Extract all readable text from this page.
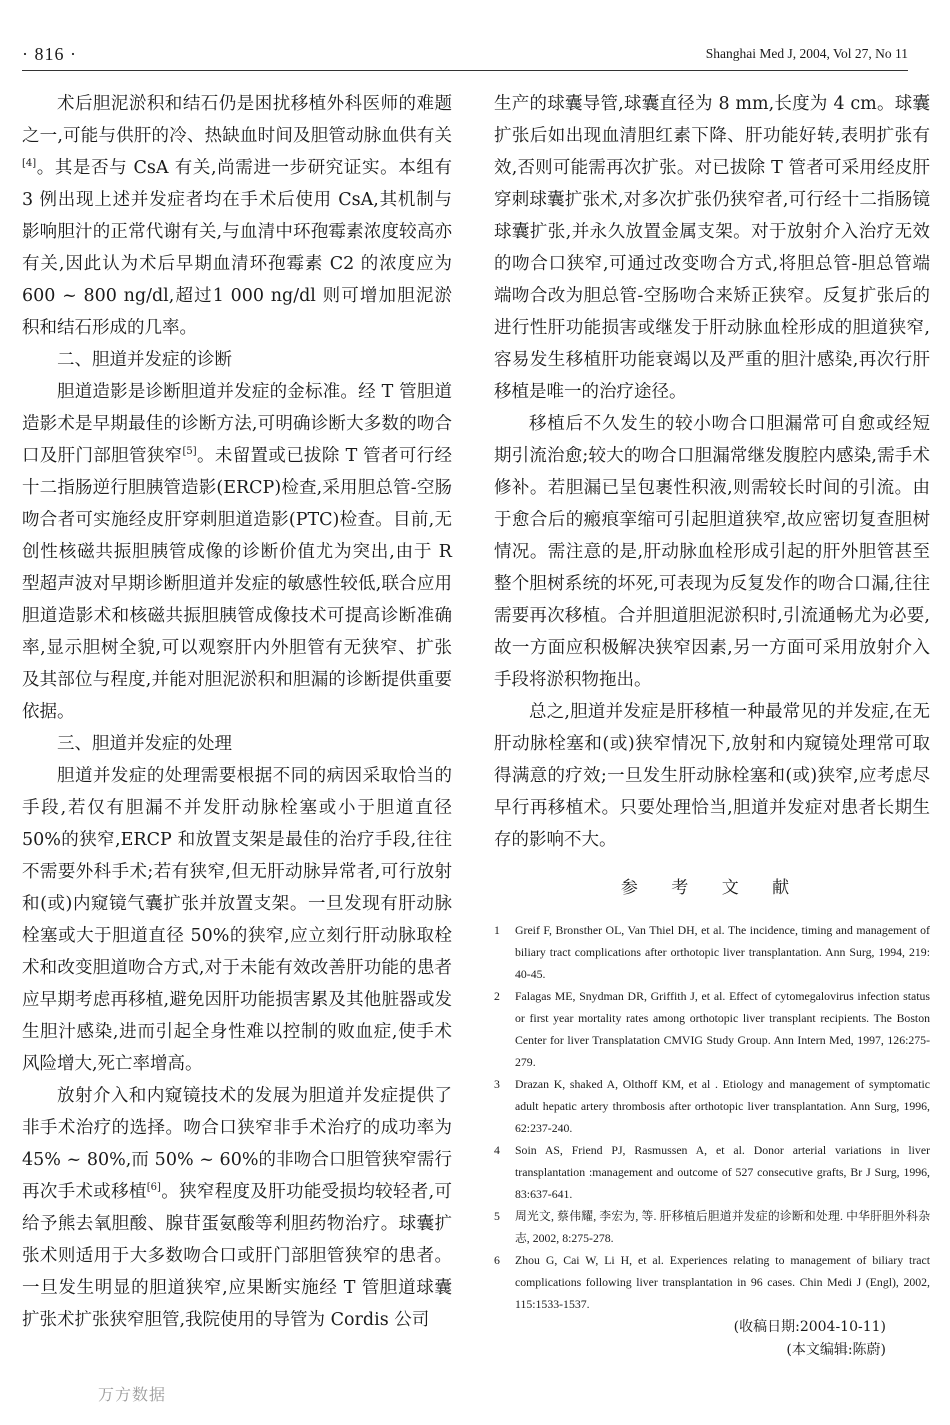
· 816 ·	Shanghai Med J, 2004, Vol 27, No 11

术后胆泥淤积和结石仍是困扰移植外科医师的难题之一,可能与供肝的冷、热缺血时间及胆管动脉血供有关[4]。其是否与 CsA 有关,尚需进一步研究证实。本组有 3 例出现上述并发症者均在手术后使用 CsA,其机制与影响胆汁的正常代谢有关,与血清中环孢霉素浓度较高亦有关,因此认为术后早期血清环孢霉素 C2 的浓度应为 600 ~ 800 ng/dl,超过1 000 ng/dl 则可增加胆泥淤积和结石形成的几率。

二、胆道并发症的诊断

胆道造影是诊断胆道并发症的金标准。经 T 管胆道造影术是早期最佳的诊断方法,可明确诊断大多数的吻合口及肝门部胆管狭窄[5]。未留置或已拔除 T 管者可行经十二指肠逆行胆胰管造影(ERCP)检查,采用胆总管-空肠吻合者可实施经皮肝穿刺胆道造影(PTC)检查。目前,无创性核磁共振胆胰管成像的诊断价值尤为突出,由于 R 型超声波对早期诊断胆道并发症的敏感性较低,联合应用胆道造影术和核磁共振胆胰管成像技术可提高诊断准确率,显示胆树全貌,可以观察肝内外胆管有无狭窄、扩张及其部位与程度,并能对胆泥淤积和胆漏的诊断提供重要依据。

三、胆道并发症的处理

胆道并发症的处理需要根据不同的病因采取恰当的手段,若仅有胆漏不并发肝动脉栓塞或小于胆道直径 50%的狭窄,ERCP 和放置支架是最佳的治疗手段,往往不需要外科手术;若有狭窄,但无肝动脉异常者,可行放射和(或)内窥镜气囊扩张并放置支架。一旦发现有肝动脉栓塞或大于胆道直径 50%的狭窄,应立刻行肝动脉取栓术和改变胆道吻合方式,对于未能有效改善肝功能的患者应早期考虑再移植,避免因肝功能损害累及其他脏器或发生胆汁感染,进而引起全身性难以控制的败血症,使手术风险增大,死亡率增高。

放射介入和内窥镜技术的发展为胆道并发症提供了非手术治疗的选择。吻合口狭窄非手术治疗的成功率为 45% ~ 80%,而 50% ~ 60%的非吻合口胆管狭窄需行再次手术或移植[6]。狭窄程度及肝功能受损均较轻者,可给予熊去氧胆酸、腺苷蛋氨酸等利胆药物治疗。球囊扩张术则适用于大多数吻合口或肝门部胆管狭窄的患者。一旦发生明显的胆道狭窄,应果断实施经 T 管胆道球囊扩张术扩张狭窄胆管,我院使用的导管为 Cordis 公司

生产的球囊导管,球囊直径为 8 mm,长度为 4 cm。球囊扩张后如出现血清胆红素下降、肝功能好转,表明扩张有效,否则可能需再次扩张。对已拔除 T 管者可采用经皮肝穿刺球囊扩张术,对多次扩张仍狭窄者,可行经十二指肠镜球囊扩张,并永久放置金属支架。对于放射介入治疗无效的吻合口狭窄,可通过改变吻合方式,将胆总管-胆总管端端吻合改为胆总管-空肠吻合来矫正狭窄。反复扩张后的进行性肝功能损害或继发于肝动脉血栓形成的胆道狭窄,容易发生移植肝功能衰竭以及严重的胆汁感染,再次行肝移植是唯一的治疗途径。

移植后不久发生的较小吻合口胆漏常可自愈或经短期引流治愈;较大的吻合口胆漏常继发腹腔内感染,需手术修补。若胆漏已呈包裹性积液,则需较长时间的引流。由于愈合后的瘢痕挛缩可引起胆道狭窄,故应密切复查胆树情况。需注意的是,肝动脉血栓形成引起的肝外胆管甚至整个胆树系统的坏死,可表现为反复发作的吻合口漏,往往需要再次移植。合并胆道胆泥淤积时,引流通畅尤为必要,故一方面应积极解决狭窄因素,另一方面可采用放射介入手段将淤积物拖出。

总之,胆道并发症是肝移植一种最常见的并发症,在无肝动脉栓塞和(或)狭窄情况下,放射和内窥镜处理常可取得满意的疗效;一旦发生肝动脉栓塞和(或)狭窄,应考虑尽早行再移植术。只要处理恰当,胆道并发症对患者长期生存的影响不大。

参 考 文 献
1 Greif F, Bronsther OL, Van Thiel DH, et al. The incidence, timing and management of biliary tract complications after orthotopic liver transplantation. Ann Surg, 1994, 219: 40-45.
2 Falagas ME, Snydman DR, Griffith J, et al. Effect of cytomegalovirus infection status or first year mortality rates among orthotopic liver transplant recipients. The Boston Center for liver Transplatation CMVIG Study Group. Ann Intern Med, 1997, 126:275-279.
3 Drazan K, shaked A, Olthoff KM, et al . Etiology and management of symptomatic adult hepatic artery thrombosis after orthotopic liver transplantation. Ann Surg, 1996, 62:237-240.
4 Soin AS, Friend PJ, Rasmussen A, et al. Donor arterial variations in liver transplantation :management and outcome of 527 consecutive grafts, Br J Surg, 1996, 83:637-641.
5 周光文, 蔡伟耀, 李宏为, 等. 肝移植后胆道并发症的诊断和处理. 中华肝胆外科杂志, 2002, 8:275-278.
6 Zhou G, Cai W, Li H, et al. Experiences relating to management of biliary tract complications following liver transplantation in 96 cases. Chin Medi J (Engl), 2002, 115:1533-1537.
(收稿日期:2004-10-11)
(本文编辑:陈蔚)
万方数据
